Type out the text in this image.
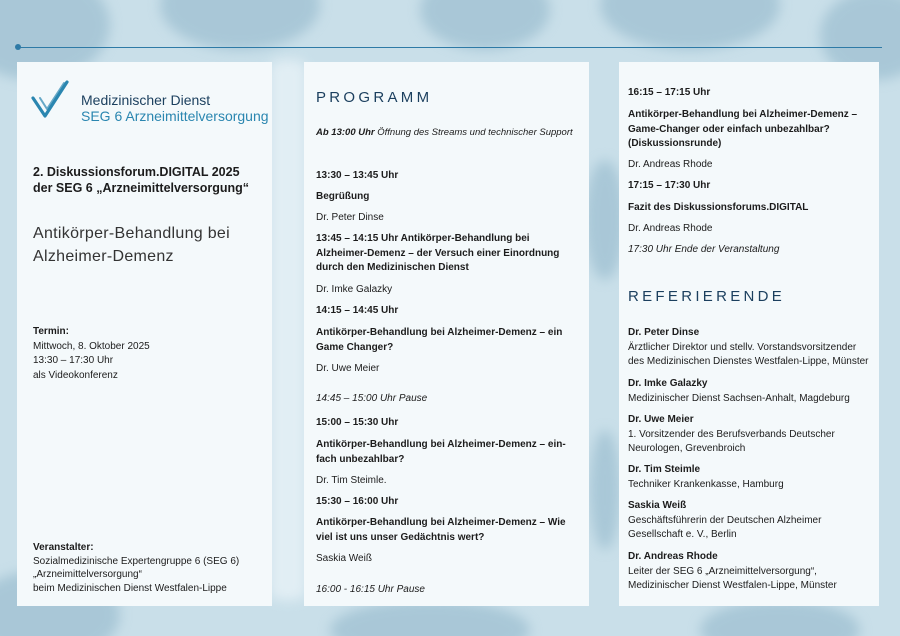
Medizinischer Dienst
SEG 6 Arzneimittelversorgung
2. Diskussionsforum.DIGITAL 2025
der SEG 6 „Arzneimittelversorgung“
Antikörper-Behandlung bei
Alzheimer-Demenz
Termin:
Mittwoch, 8. Oktober 2025
13:30 – 17:30 Uhr
als Videokonferenz
Veranstalter:
Sozialmedizinische Expertengruppe 6 (SEG 6)
„Arzneimittelversorgung“
beim Medizinischen Dienst Westfalen-Lippe
PROGRAMM
Ab 13:00 Uhr Öffnung des Streams und technischer Support
13:30 – 13:45 Uhr
Begrüßung
Dr. Peter Dinse
13:45 – 14:15 Uhr Antikörper-Behandlung bei
Alzheimer-Demenz – der Versuch einer Einordnung
durch den Medizinischen Dienst
Dr. Imke Galazky
14:15 – 14:45 Uhr
Antikörper-Behandlung bei Alzheimer-Demenz – ein
Game Changer?
Dr. Uwe Meier
14:45 – 15:00 Uhr Pause
15:00 – 15:30 Uhr
Antikörper-Behandlung bei Alzheimer-Demenz – ein-
fach unbezahlbar?
Dr. Tim Steimle.
15:30 – 16:00 Uhr
Antikörper-Behandlung bei Alzheimer-Demenz – Wie
viel ist uns unser Gedächtnis wert?
Saskia Weiß
16:00 - 16:15 Uhr Pause
16:15 – 17:15 Uhr
Antikörper-Behandlung bei Alzheimer-Demenz –
Game-Changer oder einfach unbezahlbar?
(Diskussionsrunde)
Dr. Andreas Rhode
17:15 – 17:30 Uhr
Fazit des Diskussionsforums.DIGITAL
Dr. Andreas Rhode
17:30 Uhr Ende der Veranstaltung
REFERIERENDE
Dr. Peter Dinse
Ärztlicher Direktor und stellv. Vorstandsvorsitzender
des Medizinischen Dienstes Westfalen-Lippe, Münster
Dr. Imke Galazky
Medizinischer Dienst Sachsen-Anhalt, Magdeburg
Dr. Uwe Meier
1. Vorsitzender des Berufsverbands Deutscher
Neurologen, Grevenbroich
Dr. Tim Steimle
Techniker Krankenkasse, Hamburg
Saskia Weiß
Geschäftsführerin der Deutschen Alzheimer
Gesellschaft e. V., Berlin
Dr. Andreas Rhode
Leiter der SEG 6 „Arzneimittelversorgung“,
Medizinischer Dienst Westfalen-Lippe, Münster
